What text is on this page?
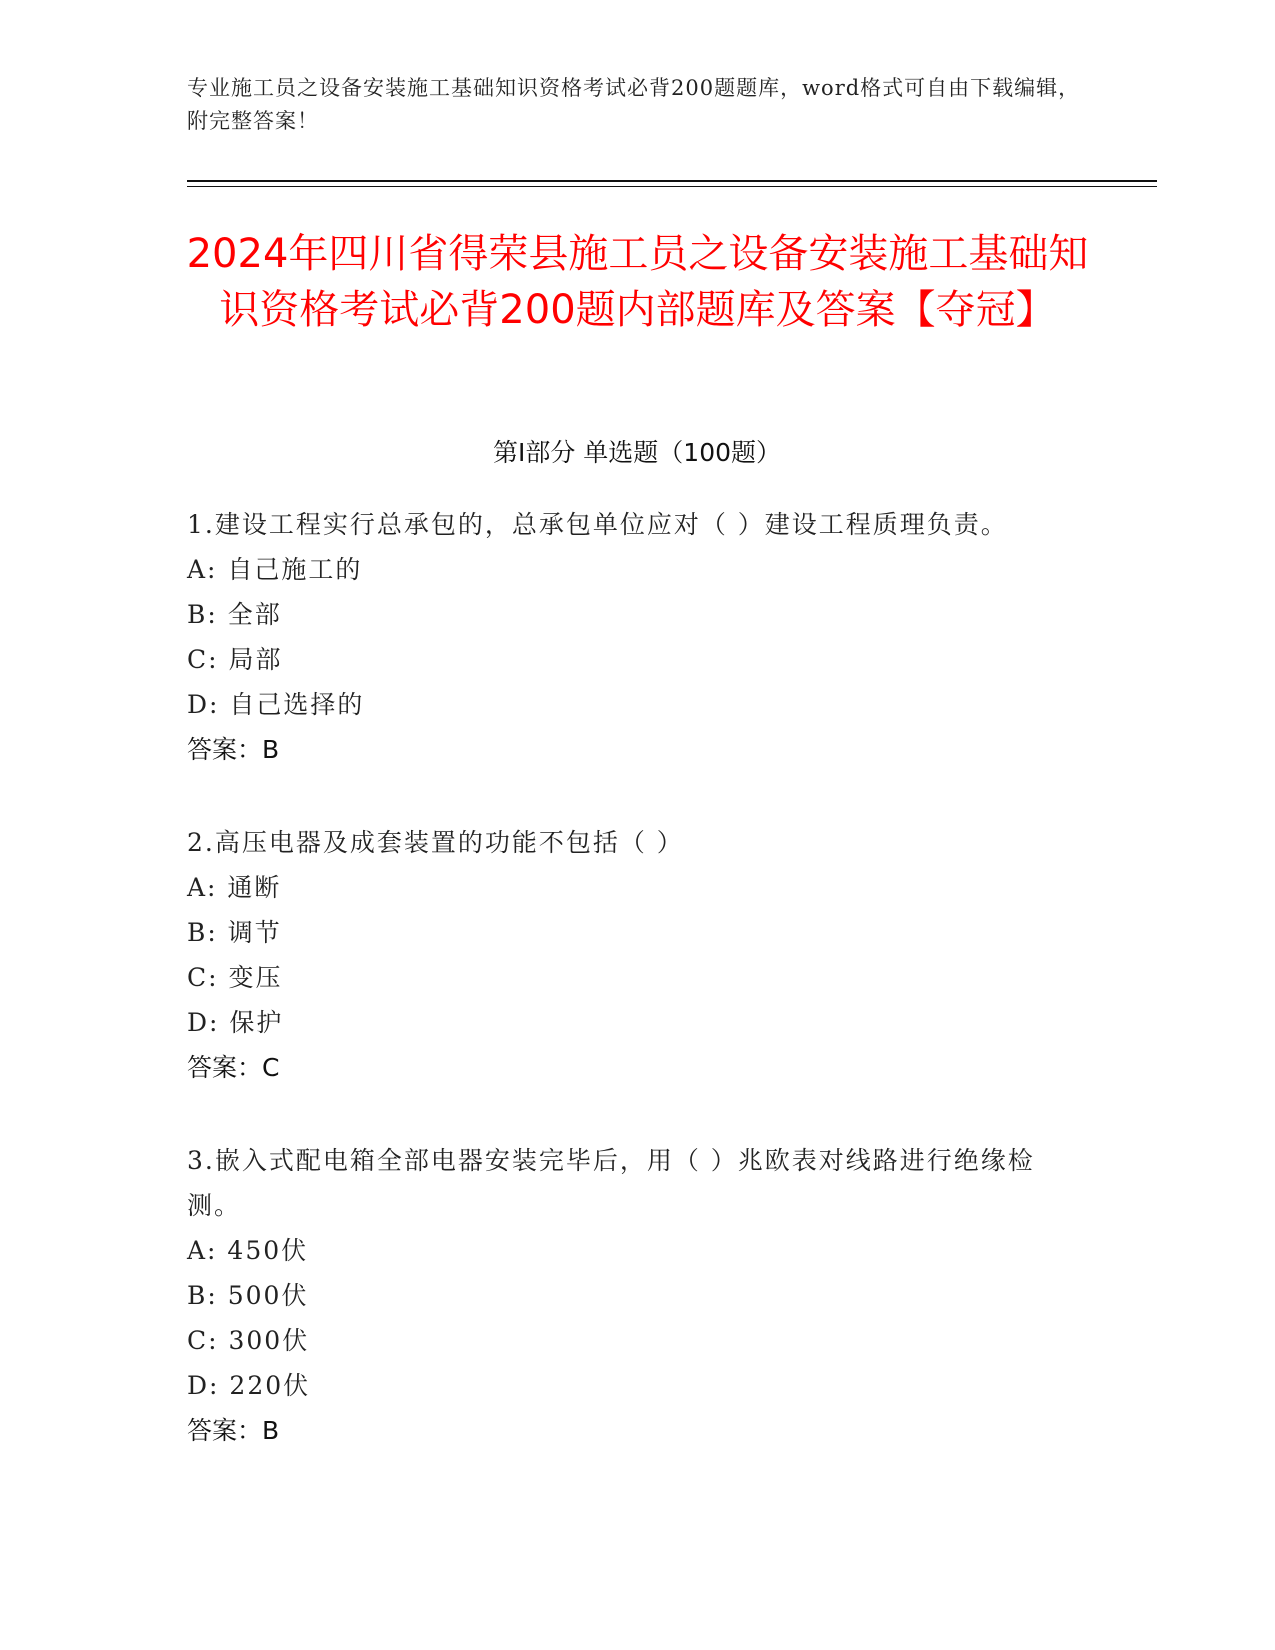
专业施工员之设备安装施工基础知识资格考试必背200题题库，word格式可自由下载编辑，附完整答案！
2024年四川省得荣县施工员之设备安装施工基础知识资格考试必背200题内部题库及答案【夺冠】
第I部分 单选题（100题）
1.建设工程实行总承包的，总承包单位应对（ ）建设工程质理负责。
A: 自己施工的
B: 全部
C: 局部
D: 自己选择的
答案：B
2.高压电器及成套装置的功能不包括（ ）
A: 通断
B: 调节
C: 变压
D: 保护
答案：C
3.嵌入式配电箱全部电器安装完毕后，用（ ）兆欧表对线路进行绝缘检测。
A: 450伏
B: 500伏
C: 300伏
D: 220伏
答案：B
